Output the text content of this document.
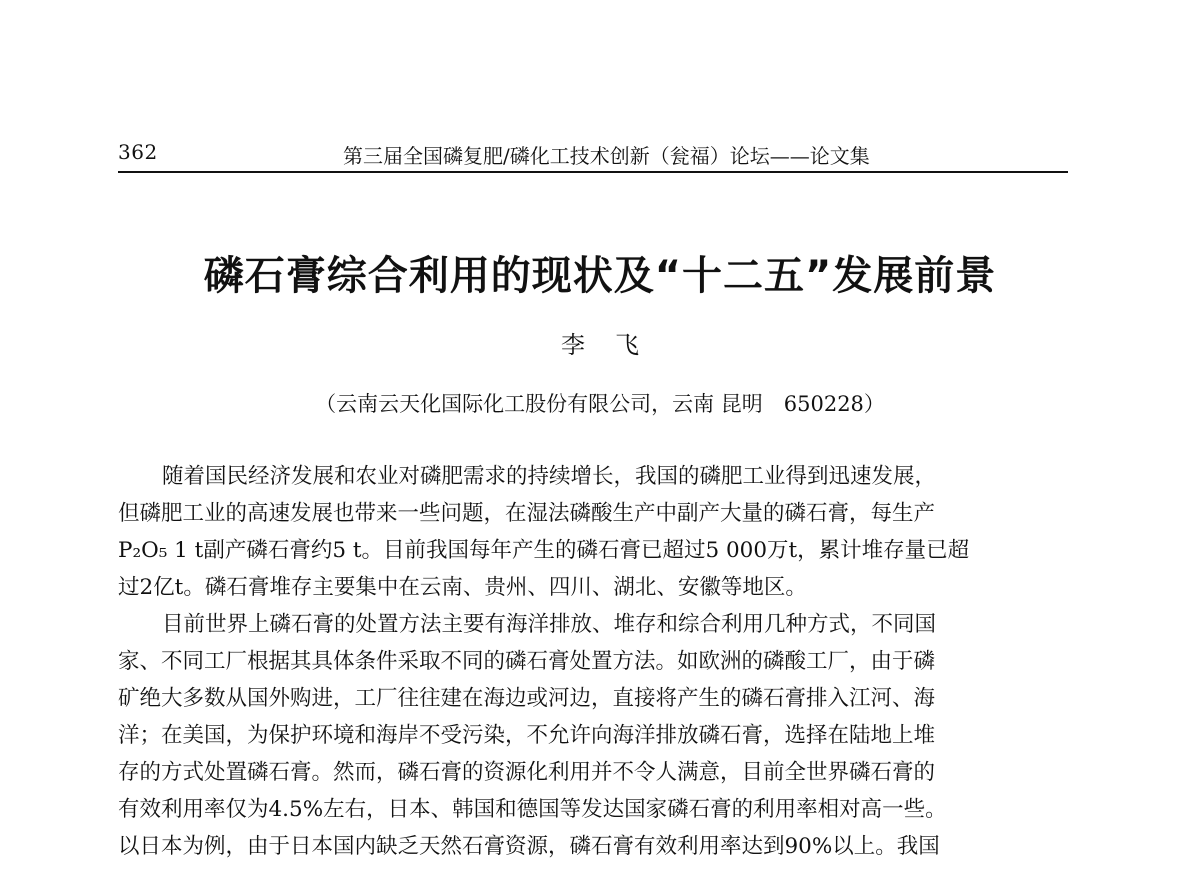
362	第三届全国磷复肥/磷化工技术创新（瓮福）论坛——论文集
磷石膏综合利用的现状及“十二五”发展前景
李飞
（云南云天化国际化工股份有限公司，云南 昆明　650228）
随着国民经济发展和农业对磷肥需求的持续增长，我国的磷肥工业得到迅速发展，
但磷肥工业的高速发展也带来一些问题，在湿法磷酸生产中副产大量的磷石膏，每生产
P₂O₅ 1 t副产磷石膏约5 t。目前我国每年产生的磷石膏已超过5 000万t，累计堆存量已超
过2亿t。磷石膏堆存主要集中在云南、贵州、四川、湖北、安徽等地区。
目前世界上磷石膏的处置方法主要有海洋排放、堆存和综合利用几种方式，不同国
家、不同工厂根据其具体条件采取不同的磷石膏处置方法。如欧洲的磷酸工厂，由于磷
矿绝大多数从国外购进，工厂往往建在海边或河边，直接将产生的磷石膏排入江河、海
洋；在美国，为保护环境和海岸不受污染，不允许向海洋排放磷石膏，选择在陆地上堆
存的方式处置磷石膏。然而，磷石膏的资源化利用并不令人满意，目前全世界磷石膏的
有效利用率仅为4.5%左右，日本、韩国和德国等发达国家磷石膏的利用率相对高一些。
以日本为例，由于日本国内缺乏天然石膏资源，磷石膏有效利用率达到90%以上。我国
